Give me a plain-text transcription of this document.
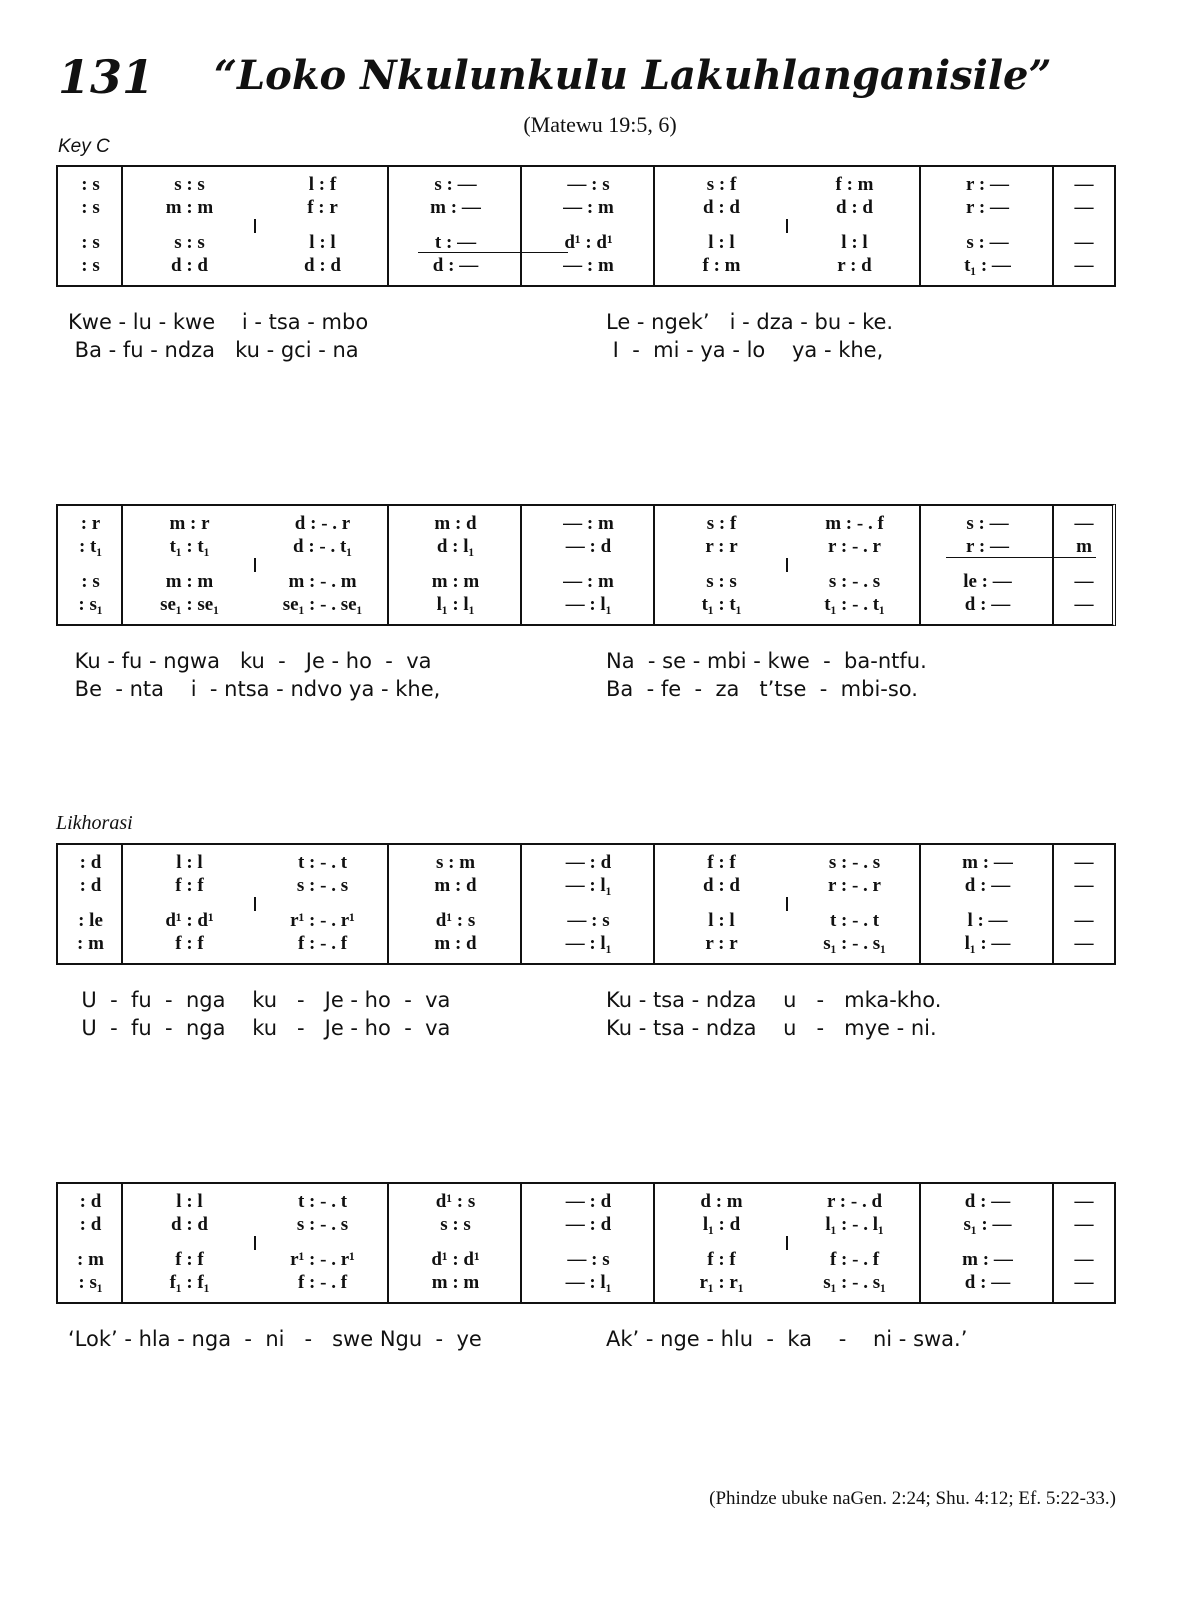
131 “Loko Nkulunkulu Lakuhlanganisile”
(Matewu 19:5, 6)
Key C
Likhorasi
: s	s : s	l : f	s : —	— : s	s : f	f : m	r : —	—
: s	m : m	f : r	m : —	— : m	d : d	d : d	r : —	—
: s	s : s	l : l	t : —	d¹ : d¹	l : l	l : l	s : —	—
: s	d : d	d : d	d : —	— : m	f : m	r : d	t₁ : —	—
Kwe - lu - kwe    i - tsa - mbo	Le - ngek’   i - dza - bu - ke.
Ba - fu - ndza   ku - gci - na	I  -  mi - ya - lo    ya - khe,
: r	m : r	d : - . r	m : d	— : m	s : f	m : - . f	s : —	—
: t₁	t₁ : t₁	d : - . t₁	d : l₁	— : d	r : r	r : - . r	r : —	m
: s	m : m	m : - . m	m : m	— : m	s : s	s : - . s	le : —	—
: s₁	se₁ : se₁	se₁ : - . se₁	l₁ : l₁	— : l₁	t₁ : t₁	t₁ : - . t₁	d : —	—
Ku - fu - ngwa   ku  -   Je - ho  -  va	Na  - se - mbi - kwe  -  ba-ntfu.
Be  - nta    i  - ntsa - ndvo ya - khe,	Ba  - fe  -  za   t’tse  -  mbi-so.
: d	l : l	t : - . t	s : m	— : d	f : f	s : - . s	m : —	—
: d	f : f	s : - . s	m : d	— : l₁	d : d	r : - . r	d : —	—
: le	d¹ : d¹	r¹ : - . r¹	d¹ : s	— : s	l : l	t : - . t	l : —	—
: m	f : f	f : - . f	m : d	— : l₁	r : r	s₁ : - . s₁	l₁ : —	—
U  -  fu  -  nga    ku   -   Je - ho  -  va	Ku - tsa - ndza    u   -   mka-kho.
U  -  fu  -  nga    ku   -   Je - ho  -  va	Ku - tsa - ndza    u   -   mye - ni.
: d	l : l	t : - . t	d¹ : s	— : d	d : m	r : - . d	d : —	—
: d	d : d	s : - . s	s : s	— : d	l₁ : d	l₁ : - . l₁	s₁ : —	—
: m	f : f	r¹ : - . r¹	d¹ : d¹	— : s	f : f	f : - . f	m : —	—
: s₁	f₁ : f₁	f : - . f	m : m	— : l₁	r₁ : r₁	s₁ : - . s₁	d : —	—
‘Lok’ - hla - nga  -  ni   -   swe Ngu  -  ye	Ak’ - nge - hlu  -  ka    -    ni - swa.’
(Phindze ubuke naGen. 2:24; Shu. 4:12; Ef. 5:22-33.)
